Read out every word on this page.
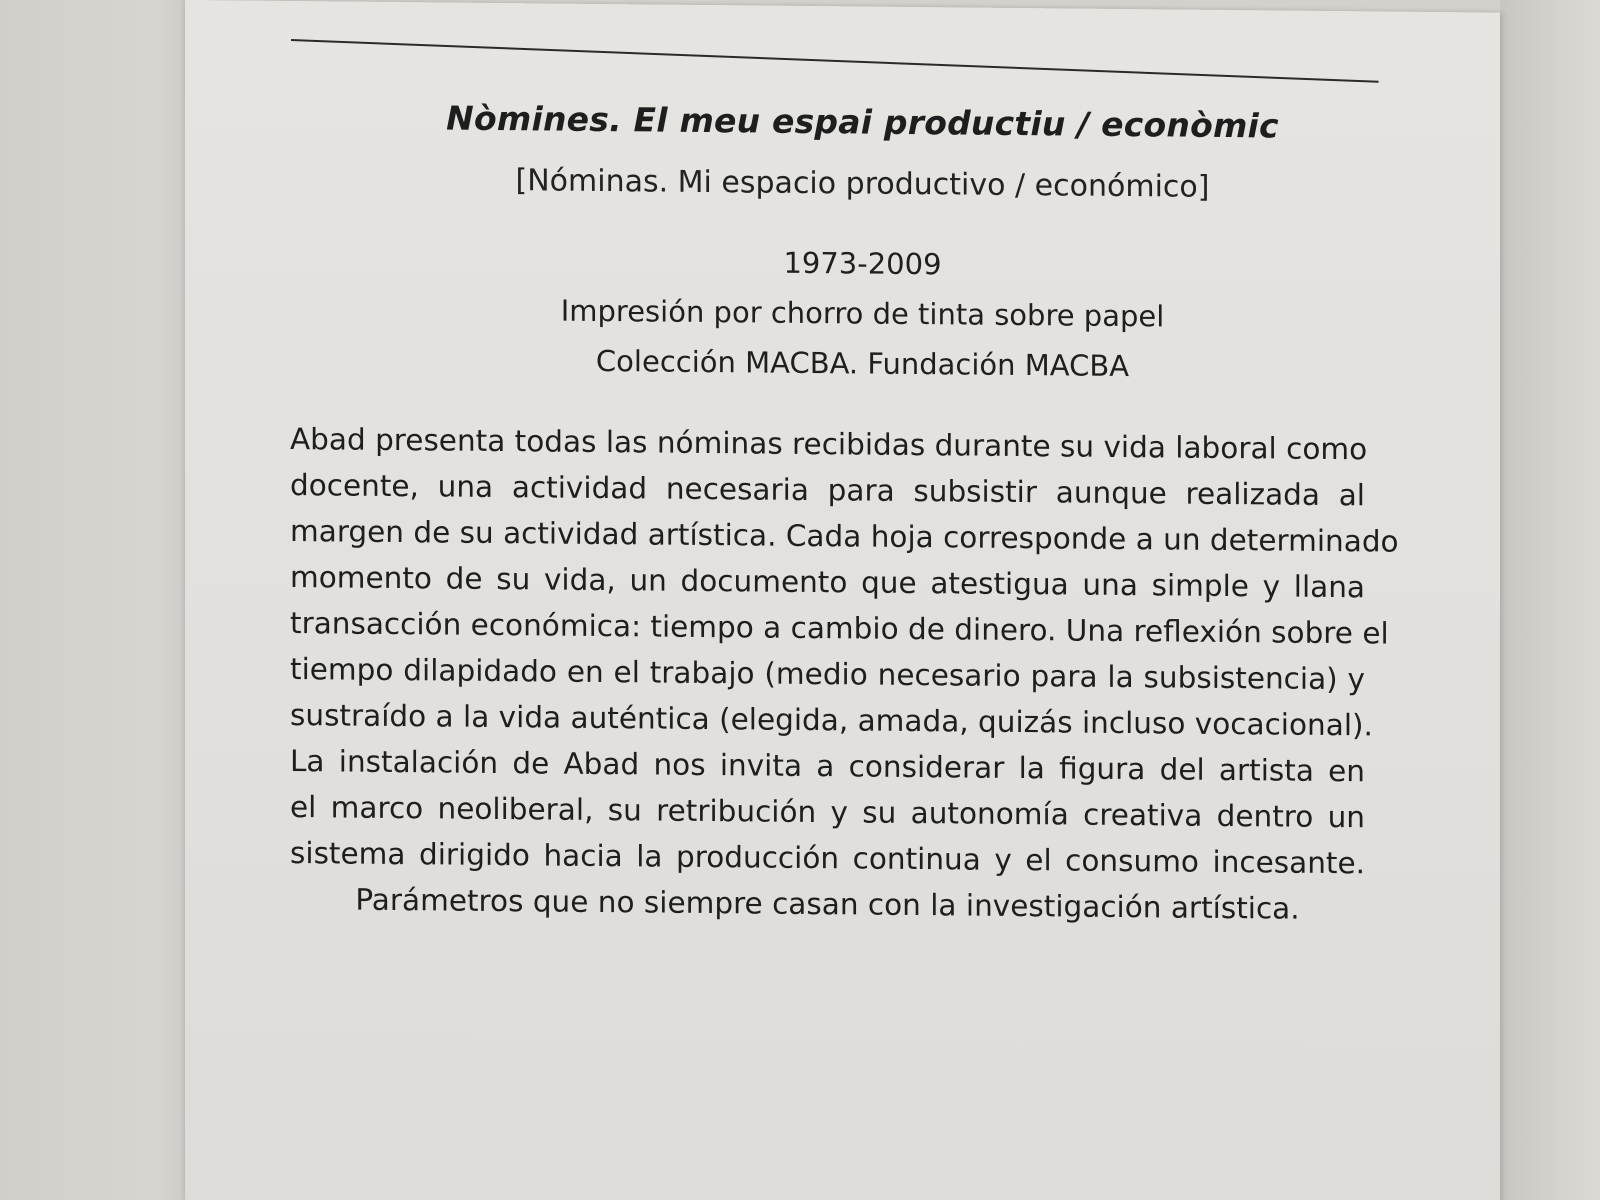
Nòmines. El meu espai productiu / econòmic
[Nóminas. Mi espacio productivo / económico]
1973-2009
Impresión por chorro de tinta sobre papel
Colección MACBA. Fundación MACBA
Abad presenta todas las nóminas recibidas durante su vida laboral como
docente, una actividad necesaria para subsistir aunque realizada al
margen de su actividad artística. Cada hoja corresponde a un determinado
momento de su vida, un documento que atestigua una simple y llana
transacción económica: tiempo a cambio de dinero. Una reflexión sobre el
tiempo dilapidado en el trabajo (medio necesario para la subsistencia) y
sustraído a la vida auténtica (elegida, amada, quizás incluso vocacional).
La instalación de Abad nos invita a considerar la figura del artista en
el marco neoliberal, su retribución y su autonomía creativa dentro un
sistema dirigido hacia la producción continua y el consumo incesante.
Parámetros que no siempre casan con la investigación artística.
